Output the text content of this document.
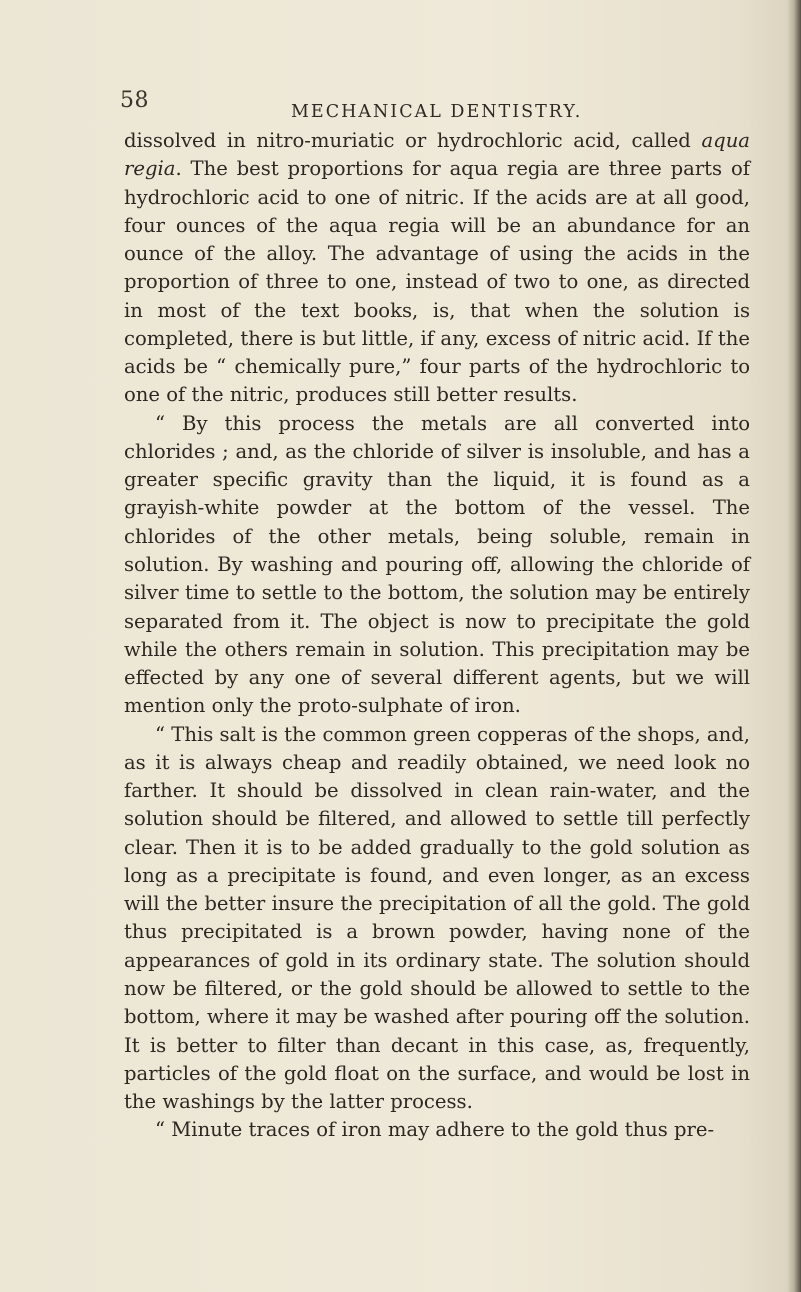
58	MECHANICAL DENTISTRY.

dissolved in nitro-muriatic or hydrochloric acid, called aqua regia. The best proportions for aqua regia are three parts of hydrochloric acid to one of nitric. If the acids are at all good, four ounces of the aqua regia will be an abundance for an ounce of the alloy. The advantage of using the acids in the proportion of three to one, instead of two to one, as directed in most of the text books, is, that when the solution is completed, there is but little, if any, excess of nitric acid. If the acids be “ chemically pure,” four parts of the hydrochloric to one of the nitric, produces still better results.

“ By this process the metals are all converted into chlorides ; and, as the chloride of silver is insoluble, and has a greater specific gravity than the liquid, it is found as a grayish-white powder at the bottom of the vessel. The chlorides of the other metals, being soluble, remain in solution. By washing and pouring off, allowing the chloride of silver time to settle to the bottom, the solution may be entirely separated from it. The object is now to precipitate the gold while the others remain in solution. This precipitation may be effected by any one of several different agents, but we will mention only the proto-sulphate of iron.

“ This salt is the common green copperas of the shops, and, as it is always cheap and readily obtained, we need look no farther. It should be dissolved in clean rain-water, and the solution should be filtered, and allowed to settle till perfectly clear. Then it is to be added gradually to the gold solution as long as a precipitate is found, and even longer, as an excess will the better insure the precipitation of all the gold. The gold thus precipitated is a brown powder, having none of the appearances of gold in its ordinary state. The solution should now be filtered, or the gold should be allowed to settle to the bottom, where it may be washed after pouring off the solution. It is better to filter than decant in this case, as, frequently, particles of the gold float on the surface, and would be lost in the washings by the latter process.

“ Minute traces of iron may adhere to the gold thus pre-
